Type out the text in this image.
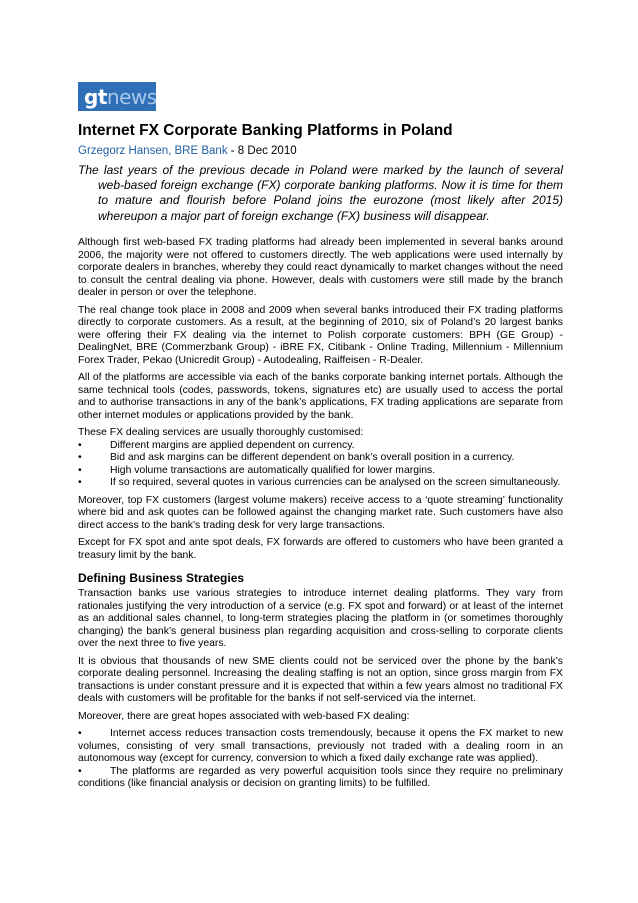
gtnews
Internet FX Corporate Banking Platforms in Poland
Grzegorz Hansen, BRE Bank - 8 Dec 2010
The last years of the previous decade in Poland were marked by the launch of several web-based foreign exchange (FX) corporate banking platforms. Now it is time for them to mature and flourish before Poland joins the eurozone (most likely after 2015) whereupon a major part of foreign exchange (FX) business will disappear.

Although first web-based FX trading platforms had already been implemented in several banks around 2006, the majority were not offered to customers directly. The web applications were used internally by corporate dealers in branches, whereby they could react dynamically to market changes without the need to consult the central dealing via phone. However, deals with customers were still made by the branch dealer in person or over the telephone.

The real change took place in 2008 and 2009 when several banks introduced their FX trading platforms directly to corporate customers. As a result, at the beginning of 2010, six of Poland’s 20 largest banks were offering their FX dealing via the internet to Polish corporate customers: BPH (GE Group) - DealingNet, BRE (Commerzbank Group) - iBRE FX, Citibank - Online Trading, Millennium - Millennium Forex Trader, Pekao (Unicredit Group) - Autodealing, Raiffeisen - R-Dealer.

All of the platforms are accessible via each of the banks corporate banking internet portals. Although the same technical tools (codes, passwords, tokens, signatures etc) are usually used to access the portal and to authorise transactions in any of the bank’s applications, FX trading applications are separate from other internet modules or applications provided by the bank.

These FX dealing services are usually thoroughly customised:

•	Different margins are applied dependent on currency.
•	Bid and ask margins can be different dependent on bank’s overall position in a currency.
•	High volume transactions are automatically qualified for lower margins.
•	If so required, several quotes in various currencies can be analysed on the screen simultaneously.

Moreover, top FX customers (largest volume makers) receive access to a ‘quote streaming’ functionality where bid and ask quotes can be followed against the changing market rate. Such customers have also direct access to the bank’s trading desk for very large transactions.

Except for FX spot and ante spot deals, FX forwards are offered to customers who have been granted a treasury limit by the bank.

Defining Business Strategies

Transaction banks use various strategies to introduce internet dealing platforms. They vary from rationales justifying the very introduction of a service (e.g. FX spot and forward) or at least of the internet as an additional sales channel, to long-term strategies placing the platform in (or sometimes thoroughly changing) the bank’s general business plan regarding acquisition and cross-selling to corporate clients over the next three to five years.

It is obvious that thousands of new SME clients could not be serviced over the phone by the bank’s corporate dealing personnel. Increasing the dealing staffing is not an option, since gross margin from FX transactions is under constant pressure and it is expected that within a few years almost no traditional FX deals with customers will be profitable for the banks if not self-serviced via the internet.

Moreover, there are great hopes associated with web-based FX dealing:

•	Internet access reduces transaction costs tremendously, because it opens the FX market to new volumes, consisting of very small transactions, previously not traded with a dealing room in an autonomous way (except for currency, conversion to which a fixed daily exchange rate was applied).
•	The platforms are regarded as very powerful acquisition tools since they require no preliminary conditions (like financial analysis or decision on granting limits) to be fulfilled.
